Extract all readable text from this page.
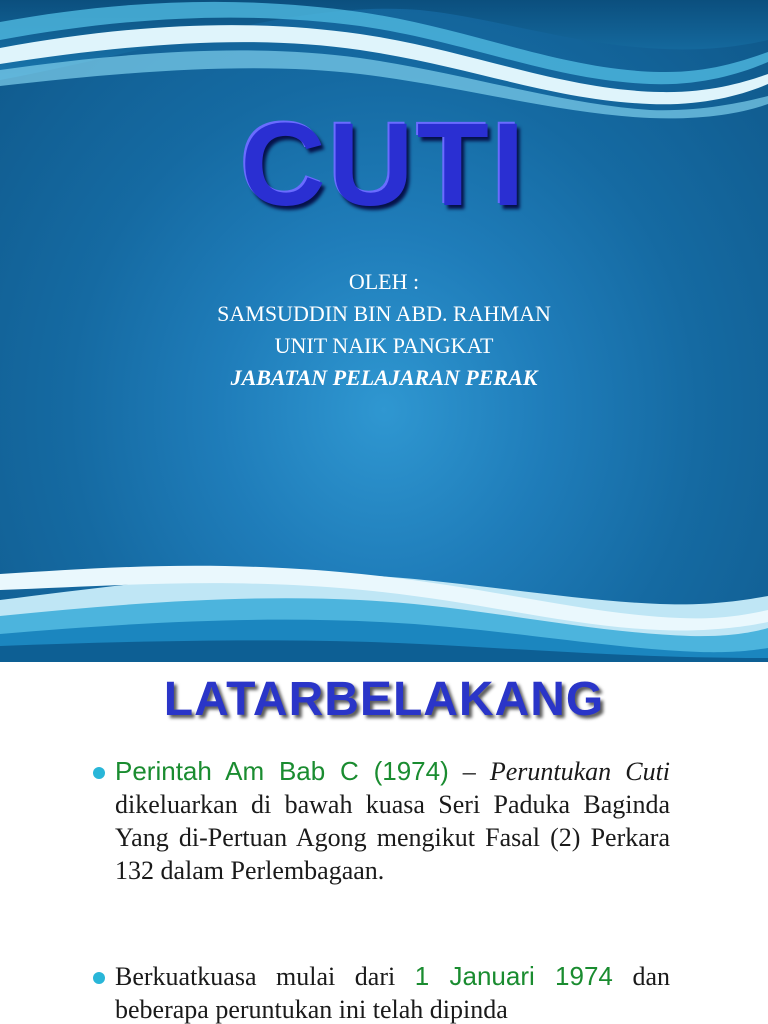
CUTI
OLEH :
SAMSUDDIN BIN ABD. RAHMAN
UNIT NAIK PANGKAT
JABATAN PELAJARAN PERAK
LATARBELAKANG
Perintah Am Bab C (1974) – Peruntukan Cuti dikeluarkan di bawah kuasa Seri Paduka Baginda Yang di-Pertuan Agong mengikut Fasal (2) Perkara 132 dalam Perlembagaan.
Berkuatkuasa mulai dari 1 Januari 1974 dan beberapa peruntukan ini telah dipinda
